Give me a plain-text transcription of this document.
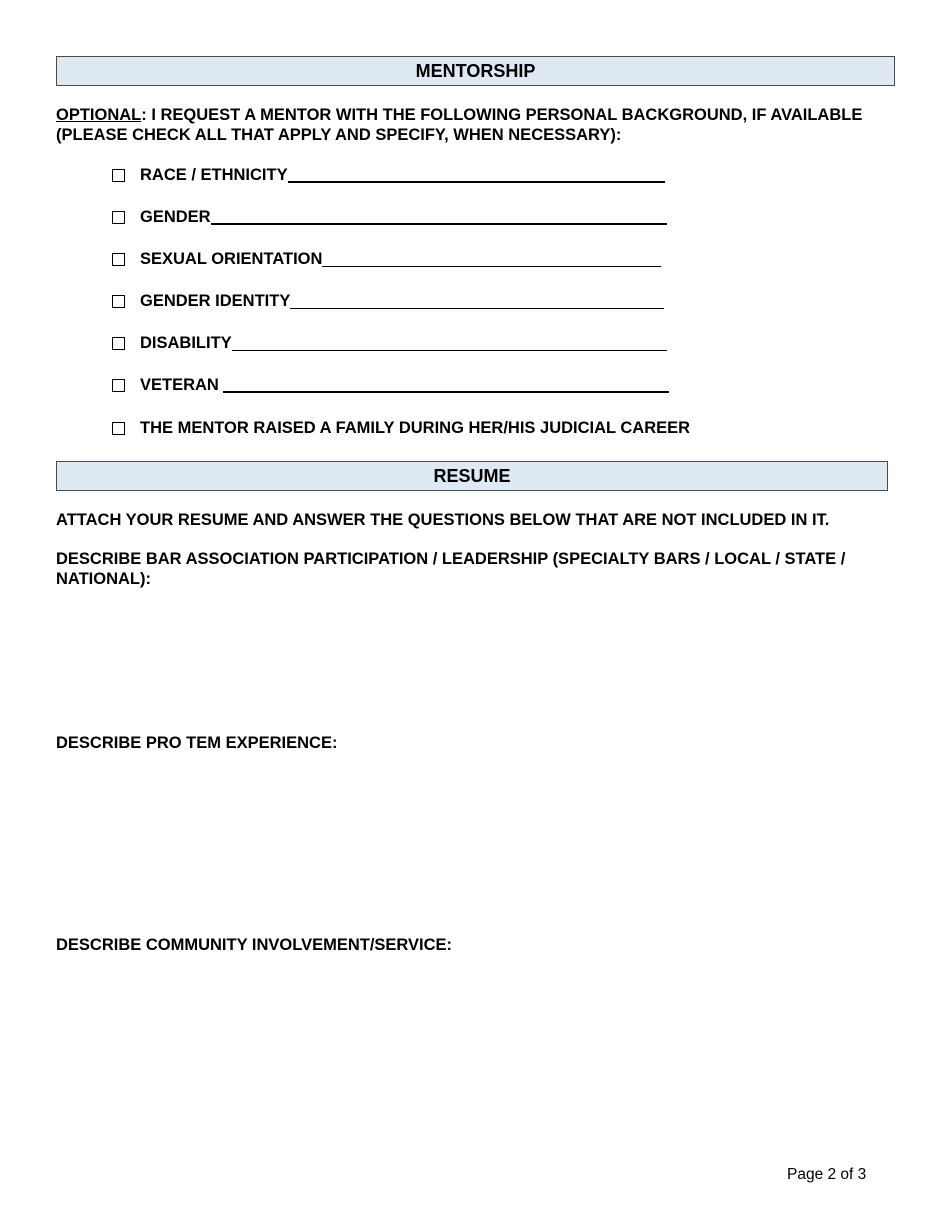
MENTORSHIP
OPTIONAL: I REQUEST A MENTOR WITH THE FOLLOWING PERSONAL BACKGROUND, IF AVAILABLE
(PLEASE CHECK ALL THAT APPLY AND SPECIFY, WHEN NECESSARY):
RACE / ETHNICITY
GENDER
SEXUAL ORIENTATION
GENDER IDENTITY
DISABILITY
VETERAN
THE MENTOR RAISED A FAMILY DURING HER/HIS JUDICIAL CAREER
RESUME
ATTACH YOUR RESUME AND ANSWER THE QUESTIONS BELOW THAT ARE NOT INCLUDED IN IT.
DESCRIBE BAR ASSOCIATION PARTICIPATION / LEADERSHIP (SPECIALTY BARS / LOCAL / STATE /
NATIONAL):
DESCRIBE PRO TEM EXPERIENCE:
DESCRIBE COMMUNITY INVOLVEMENT/SERVICE:
Page 2 of 3
